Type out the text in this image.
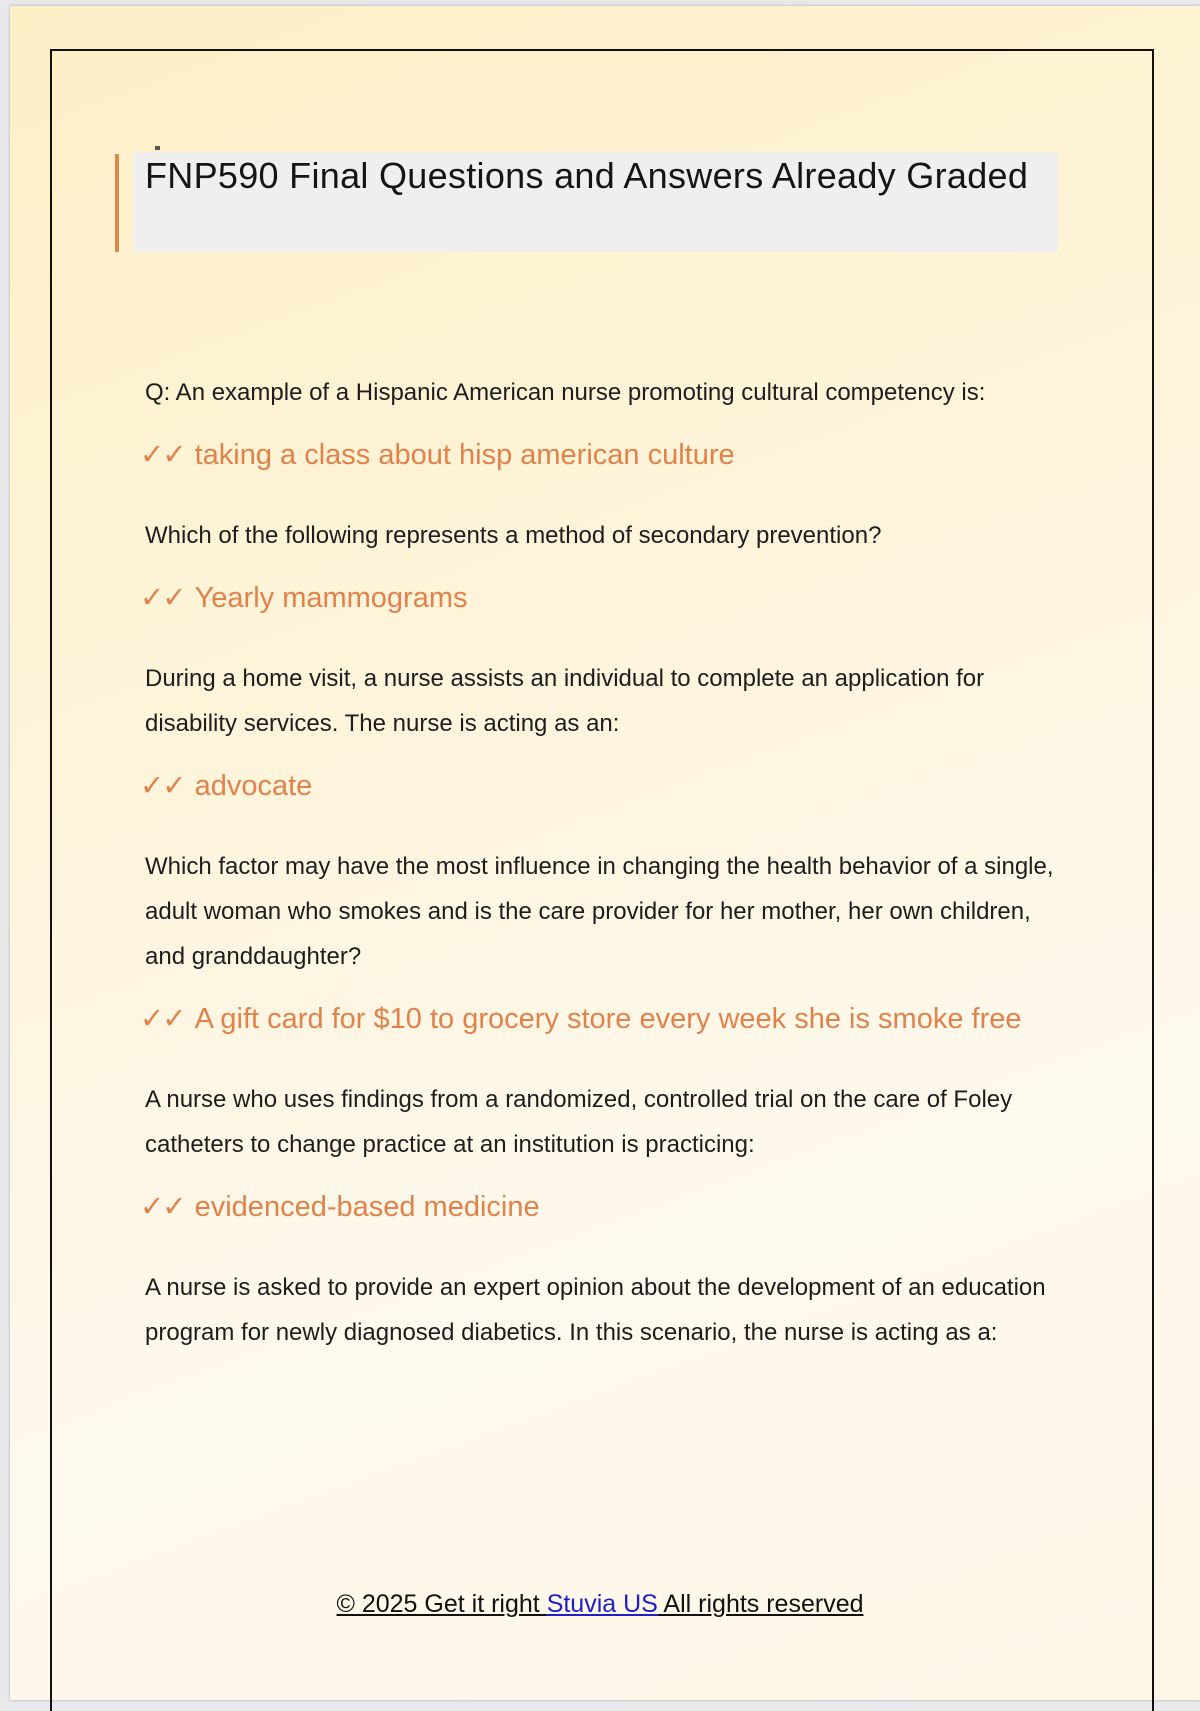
FNP590 Final Questions and Answers Already Graded

Q: An example of a Hispanic American nurse promoting cultural competency is:

✓✓ taking a class about hisp american culture

Which of the following represents a method of secondary prevention?

✓✓ Yearly mammograms

During a home visit, a nurse assists an individual to complete an application for disability services. The nurse is acting as an:

✓✓ advocate

Which factor may have the most influence in changing the health behavior of a single, adult woman who smokes and is the care provider for her mother, her own children, and granddaughter?

✓✓ A gift card for $10 to grocery store every week she is smoke free

A nurse who uses findings from a randomized, controlled trial on the care of Foley catheters to change practice at an institution is practicing:

✓✓ evidenced-based medicine

A nurse is asked to provide an expert opinion about the development of an education program for newly diagnosed diabetics. In this scenario, the nurse is acting as a:

© 2025 Get it right Stuvia US All rights reserved
